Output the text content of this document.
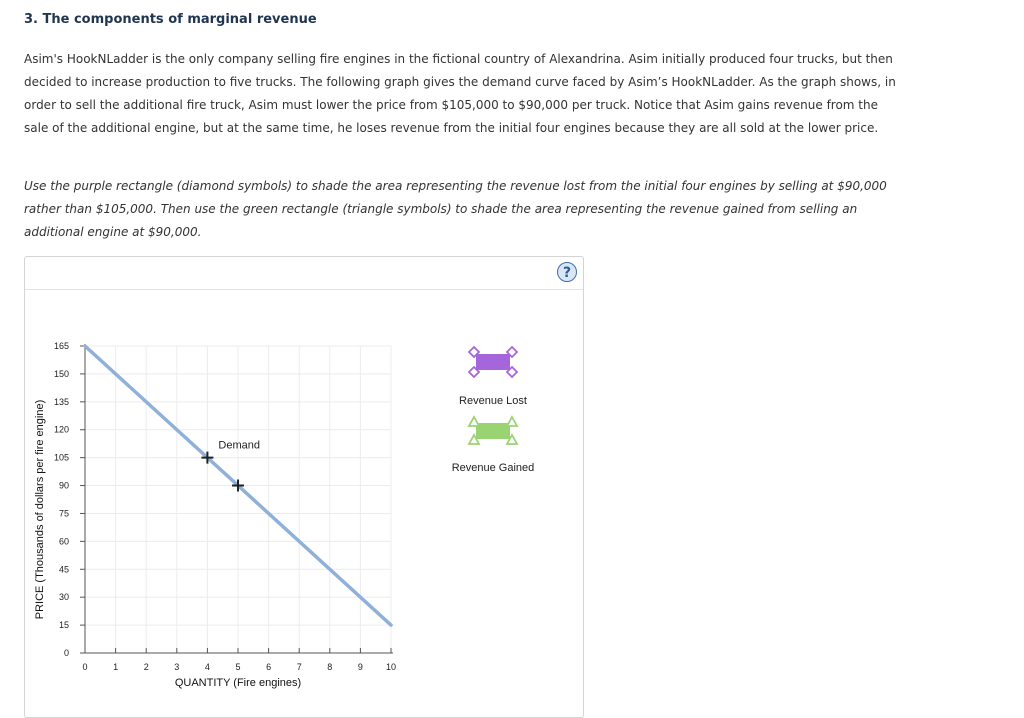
3. The components of marginal revenue
Asim's HookNLadder is the only company selling fire engines in the fictional country of Alexandrina. Asim initially produced four trucks, but then decided to increase production to five trucks. The following graph gives the demand curve faced by Asim’s HookNLadder. As the graph shows, in order to sell the additional fire truck, Asim must lower the price from $105,000 to $90,000 per truck. Notice that Asim gains revenue from the sale of the additional engine, but at the same time, he loses revenue from the initial four engines because they are all sold at the lower price.
Use the purple rectangle (diamond symbols) to shade the area representing the revenue lost from the initial four engines by selling at $90,000 rather than $105,000. Then use the green rectangle (triangle symbols) to shade the area representing the revenue gained from selling an additional engine at $90,000.
?
0
15
30
45
60
75
90
105
120
135
150
165
0	1	2	3	4	5	6	7	8	9	10
QUANTITY (Fire engines)
PRICE (Thousands of dollars per fire engine)	Demand
Revenue Lost
Revenue Gained
